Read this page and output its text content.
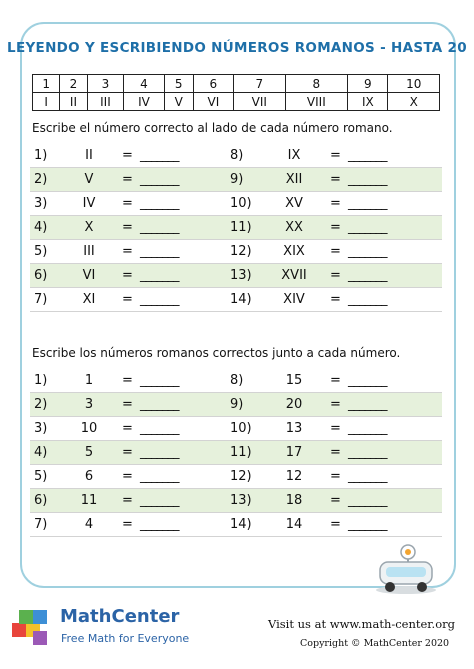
LEYENDO Y ESCRIBIENDO NÚMEROS ROMANOS - HASTA 20
1	2	3	4	5	6	7	8	9	10
I	II	III	IV	V	VI	VII	VIII	IX	X
Escribe el número correcto al lado de cada número romano.
1)	II	= _______	8)	IX	= _______
2)	V	= _______	9)	XII	= _______
3)	IV	= _______	10)	XV	= _______
4)	X	= _______	11)	XX	= _______
5)	III	= _______	12)	XIX	= _______
6)	VI	= _______	13)	XVII	= _______
7)	XI	= _______	14)	XIV	= _______
Escribe los números romanos correctos junto a cada número.
1)	1	= _______	8)	15	= _______
2)	3	= _______	9)	20	= _______
3)	10	= _______	10)	13	= _______
4)	5	= _______	11)	17	= _______
5)	6	= _______	12)	12	= _______
6)	11	= _______	13)	18	= _______
7)	4	= _______	14)	14	= _______
MathCenter
Free Math for Everyone
Visit us at www.math-center.org
Copyright © MathCenter 2020
